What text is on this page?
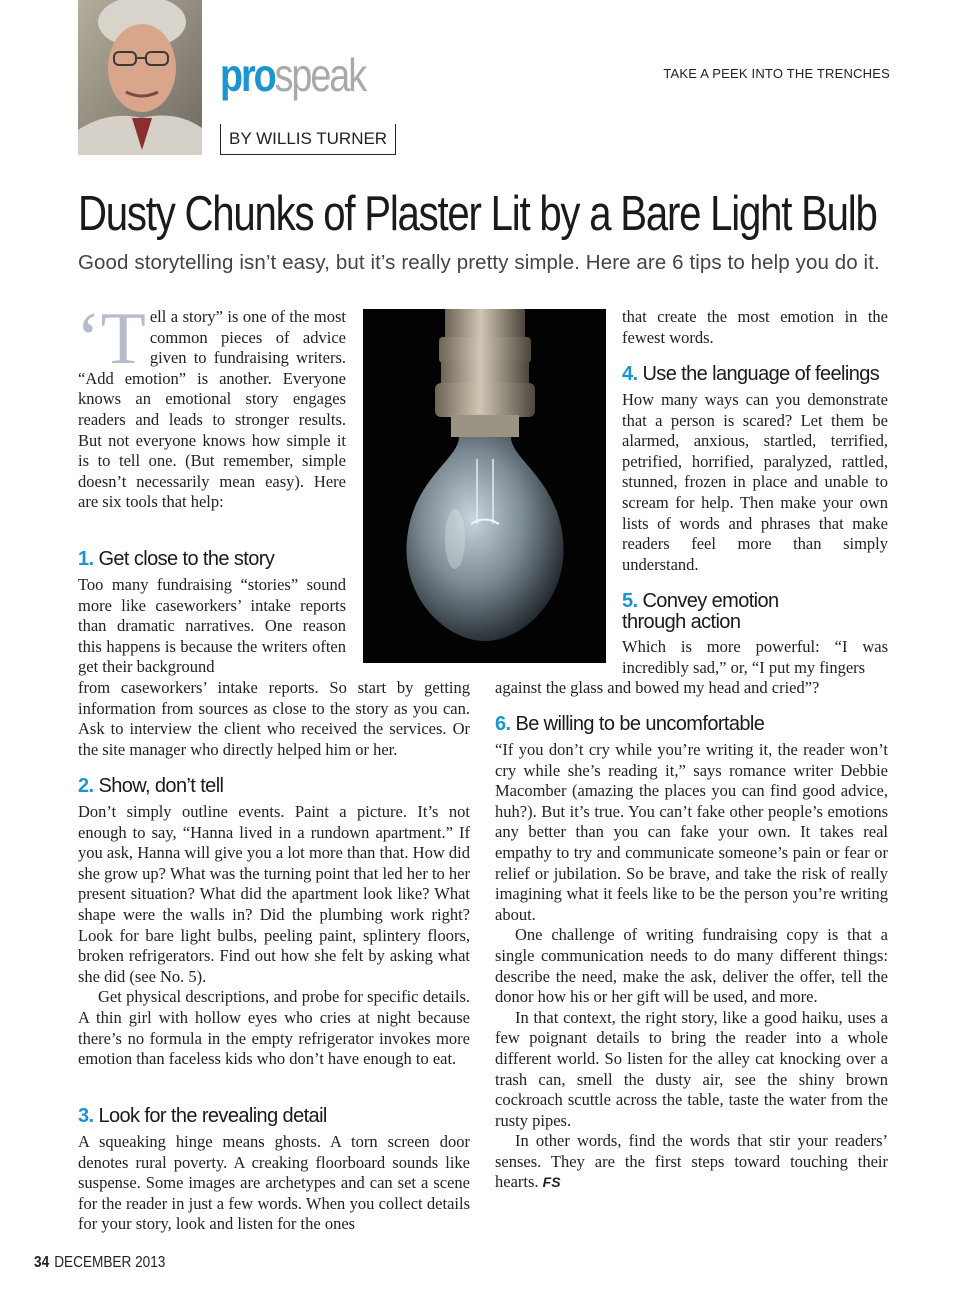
prospeak
BY WILLIS TURNER
TAKE A PEEK INTO THE TRENCHES
Dusty Chunks of Plaster Lit by a Bare Light Bulb
Good storytelling isn’t easy, but it’s really pretty simple. Here are 6 tips to help you do it.
‘Tell a story” is one of the most common pieces of advice given to fundraising writers. “Add emotion” is another. Everyone knows an emotional story engages readers and leads to stronger results. But not everyone knows how simple it is to tell one. (But remember, simple doesn’t necessarily mean easy). Here are six tools that help:
1. Get close to the story
Too many fundraising “stories” sound more like caseworkers’ intake reports than dramatic narratives. One reason this happens is because the writers often get their background
from caseworkers’ intake reports. So start by getting information from sources as close to the story as you can. Ask to interview the client who received the services. Or the site manager who directly helped him or her.
2. Show, don’t tell

Don’t simply outline events. Paint a picture. It’s not enough to say, “Hanna lived in a rundown apartment.” If you ask, Hanna will give you a lot more than that. How did she grow up? What was the turning point that led her to her present situation? What did the apartment look like? What shape were the walls in? Did the plumbing work right? Look for bare light bulbs, peeling paint, splintery floors, broken refrigerators. Find out how she felt by asking what she did (see No. 5).

Get physical descriptions, and probe for specific details. A thin girl with hollow eyes who cries at night because there’s no formula in the empty refrigerator invokes more emotion than faceless kids who don’t have enough to eat.

3. Look for the revealing detail
A squeaking hinge means ghosts. A torn screen door denotes rural poverty. A creaking floorboard sounds like suspense. Some images are archetypes and can set a scene for the reader in just a few words. When you collect details for your story, look and listen for the ones
that create the most emotion in the fewest words.
4. Use the language of feelings
How many ways can you demonstrate that a person is scared? Let them be alarmed, anxious, startled, terrified, petrified, horrified, paralyzed, rattled, stunned, frozen in place and unable to scream for help. Then make your own lists of words and phrases that make readers feel more than simply understand.
5. Convey emotion
through action
Which is more powerful: “I was incredibly sad,” or, “I put my fingers
against the glass and bowed my head and cried”?
6. Be willing to be uncomfortable

“If you don’t cry while you’re writing it, the reader won’t cry while she’s reading it,” says romance writer Debbie Macomber (amazing the places you can find good advice, huh?). But it’s true. You can’t fake other people’s emotions any better than you can fake your own. It takes real empathy to try and communicate someone’s pain or fear or relief or jubilation. So be brave, and take the risk of really imagining what it feels like to be the person you’re writing about.

One challenge of writing fundraising copy is that a single communication needs to do many different things: describe the need, make the ask, deliver the offer, tell the donor how his or her gift will be used, and more.

In that context, the right story, like a good haiku, uses a few poignant details to bring the reader into a whole different world. So listen for the alley cat knocking over a trash can, smell the dusty air, see the shiny brown cockroach scuttle across the table, taste the water from the rusty pipes.

In other words, find the words that stir your readers’ senses. They are the first steps toward touching their hearts. FS

34 DECEMBER 2013
